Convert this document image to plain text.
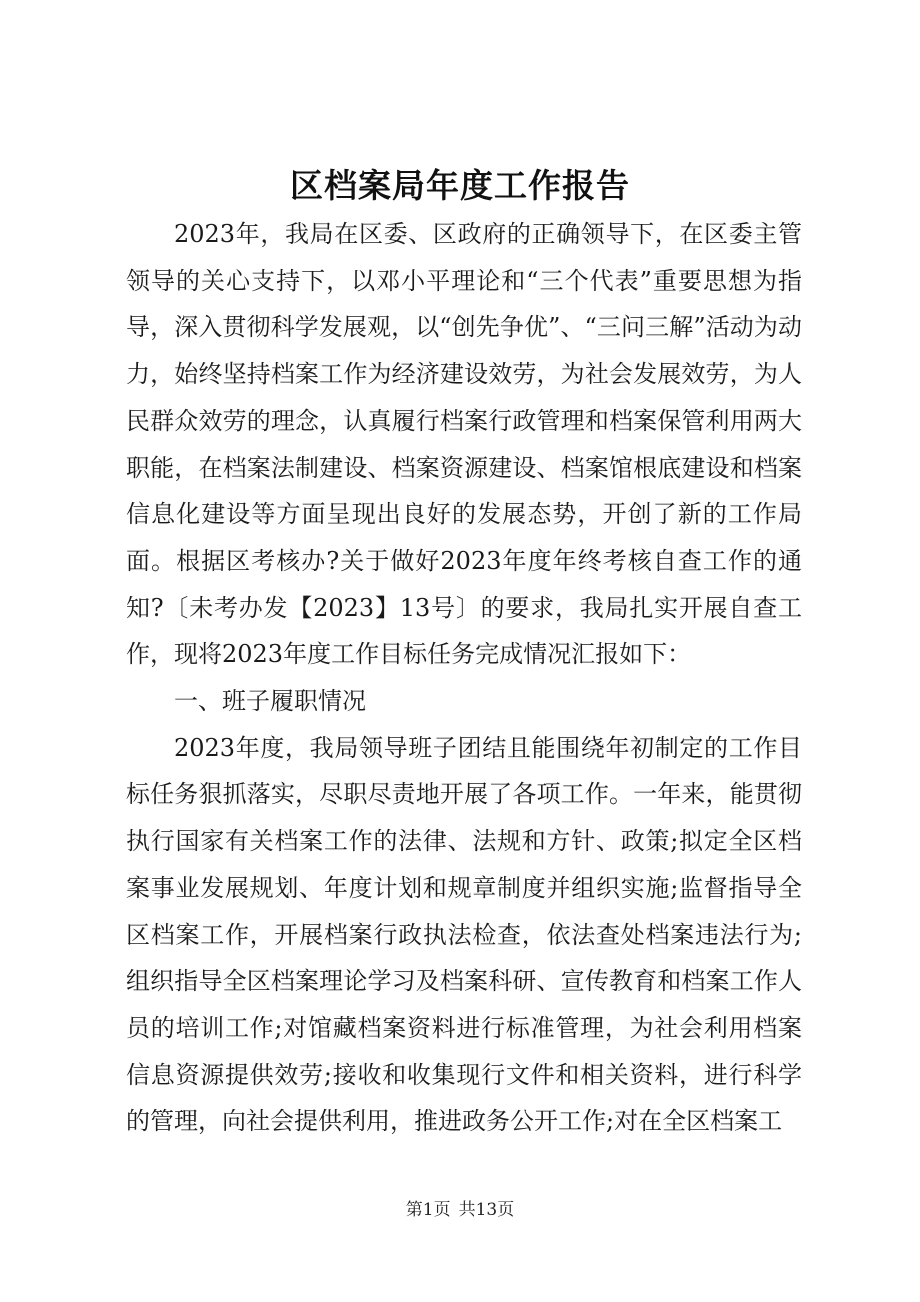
区档案局年度工作报告

2023年，我局在区委、区政府的正确领导下，在区委主管领导的关心支持下，以邓小平理论和“三个代表”重要思想为指导，深入贯彻科学发展观，以“创先争优”、“三问三解”活动为动力，始终坚持档案工作为经济建设效劳，为社会发展效劳，为人民群众效劳的理念，认真履行档案行政管理和档案保管利用两大职能，在档案法制建设、档案资源建设、档案馆根底建设和档案信息化建设等方面呈现出良好的发展态势，开创了新的工作局面。根据区考核办?关于做好2023年度年终考核自查工作的通知?〔未考办发【2023】13号〕的要求，我局扎实开展自查工作，现将2023年度工作目标任务完成情况汇报如下：

一、班子履职情况

2023年度，我局领导班子团结且能围绕年初制定的工作目标任务狠抓落实，尽职尽责地开展了各项工作。一年来，能贯彻执行国家有关档案工作的法律、法规和方针、政策;拟定全区档案事业发展规划、年度计划和规章制度并组织实施;监督指导全区档案工作，开展档案行政执法检查，依法查处档案违法行为;组织指导全区档案理论学习及档案科研、宣传教育和档案工作人员的培训工作;对馆藏档案资料进行标准管理，为社会利用档案信息资源提供效劳;接收和收集现行文件和相关资料，进行科学的管理，向社会提供利用，推进政务公开工作;对在全区档案工

第1页 共13页
